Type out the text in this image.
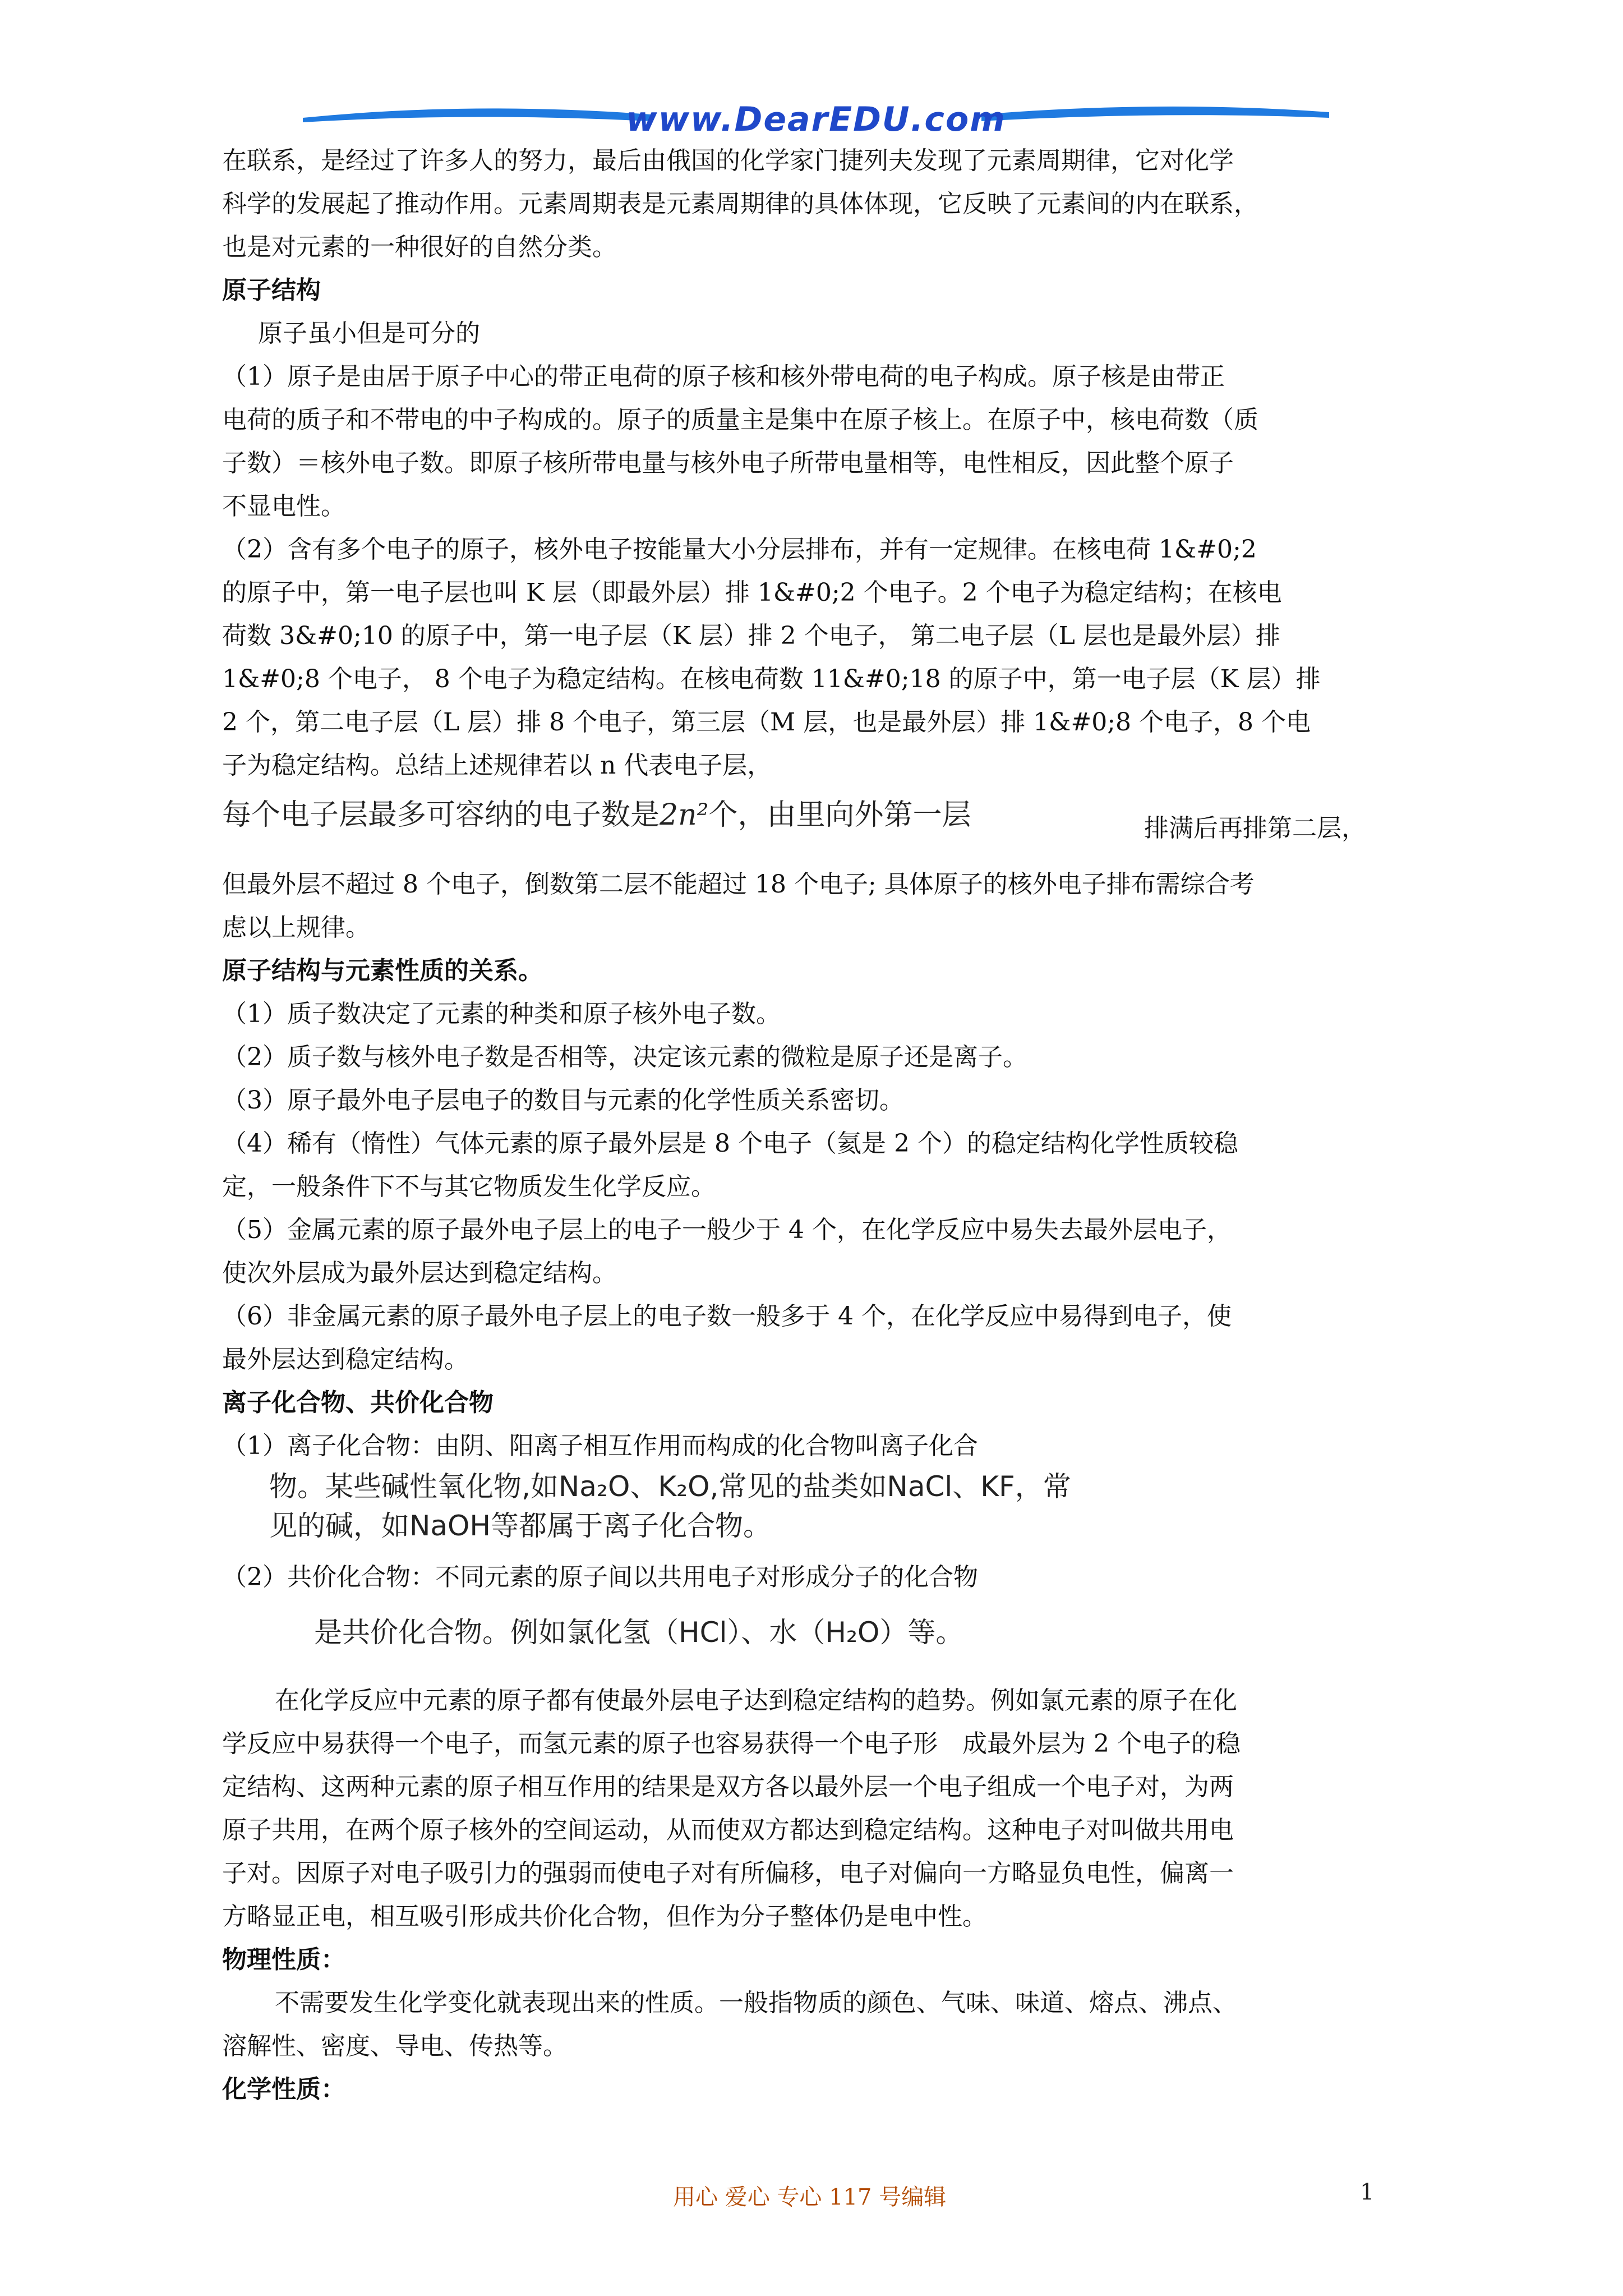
www.DearEDU.com
在联系，是经过了许多人的努力，最后由俄国的化学家门捷列夫发现了元素周期律，它对化学
科学的发展起了推动作用。元素周期表是元素周期律的具体体现，它反映了元素间的内在联系，
也是对元素的一种很好的自然分类。
原子结构
原子虽小但是可分的
（1）原子是由居于原子中心的带正电荷的原子核和核外带电荷的电子构成。原子核是由带正
电荷的质子和不带电的中子构成的。原子的质量主是集中在原子核上。在原子中，核电荷数（质
子数）＝核外电子数。即原子核所带电量与核外电子所带电量相等，电性相反，因此整个原子
不显电性。
（2）含有多个电子的原子，核外电子按能量大小分层排布，并有一定规律。在核电荷 1&#0;2
的原子中，第一电子层也叫 K 层（即最外层）排 1&#0;2 个电子。2 个电子为稳定结构；在核电
荷数 3&#0;10 的原子中，第一电子层（K 层）排 2 个电子， 第二电子层（L 层也是最外层）排
1&#0;8 个电子， 8 个电子为稳定结构。在核电荷数 11&#0;18 的原子中，第一电子层（K 层）排
2 个，第二电子层（L 层）排 8 个电子，第三层（M 层，也是最外层）排 1&#0;8 个电子，8 个电
子为稳定结构。总结上述规律若以 n 代表电子层，
每个电子层最多可容纳的电子数是2n²个，由里向外第一层	排满后再排第二层，
但最外层不超过 8 个电子，倒数第二层不能超过 18 个电子; 具体原子的核外电子排布需综合考
虑以上规律。
原子结构与元素性质的关系。
（1）质子数决定了元素的种类和原子核外电子数。
（2）质子数与核外电子数是否相等，决定该元素的微粒是原子还是离子。
（3）原子最外电子层电子的数目与元素的化学性质关系密切。
（4）稀有（惰性）气体元素的原子最外层是 8 个电子（氦是 2 个）的稳定结构化学性质较稳
定，一般条件下不与其它物质发生化学反应。
（5）金属元素的原子最外电子层上的电子一般少于 4 个，在化学反应中易失去最外层电子，
使次外层成为最外层达到稳定结构。
（6）非金属元素的原子最外电子层上的电子数一般多于 4 个，在化学反应中易得到电子，使
最外层达到稳定结构。
离子化合物、共价化合物
（1）离子化合物：由阴、阳离子相互作用而构成的化合物叫离子化合
物。某些碱性氧化物,如Na₂O、K₂O,常见的盐类如NaCl、KF，常
见的碱，如NaOH等都属于离子化合物。
（2）共价化合物：不同元素的原子间以共用电子对形成分子的化合物
是共价化合物。例如氯化氢（HCl）、水（H₂O）等。
在化学反应中元素的原子都有使最外层电子达到稳定结构的趋势。例如氯元素的原子在化
学反应中易获得一个电子，而氢元素的原子也容易获得一个电子形　成最外层为 2 个电子的稳
定结构、这两种元素的原子相互作用的结果是双方各以最外层一个电子组成一个电子对，为两
原子共用，在两个原子核外的空间运动，从而使双方都达到稳定结构。这种电子对叫做共用电
子对。因原子对电子吸引力的强弱而使电子对有所偏移，电子对偏向一方略显负电性，偏离一
方略显正电，相互吸引形成共价化合物，但作为分子整体仍是电中性。
物理性质：
不需要发生化学变化就表现出来的性质。一般指物质的颜色、气味、味道、熔点、沸点、
溶解性、密度、导电、传热等。
化学性质：
用心 爱心 专心 117 号编辑	1
